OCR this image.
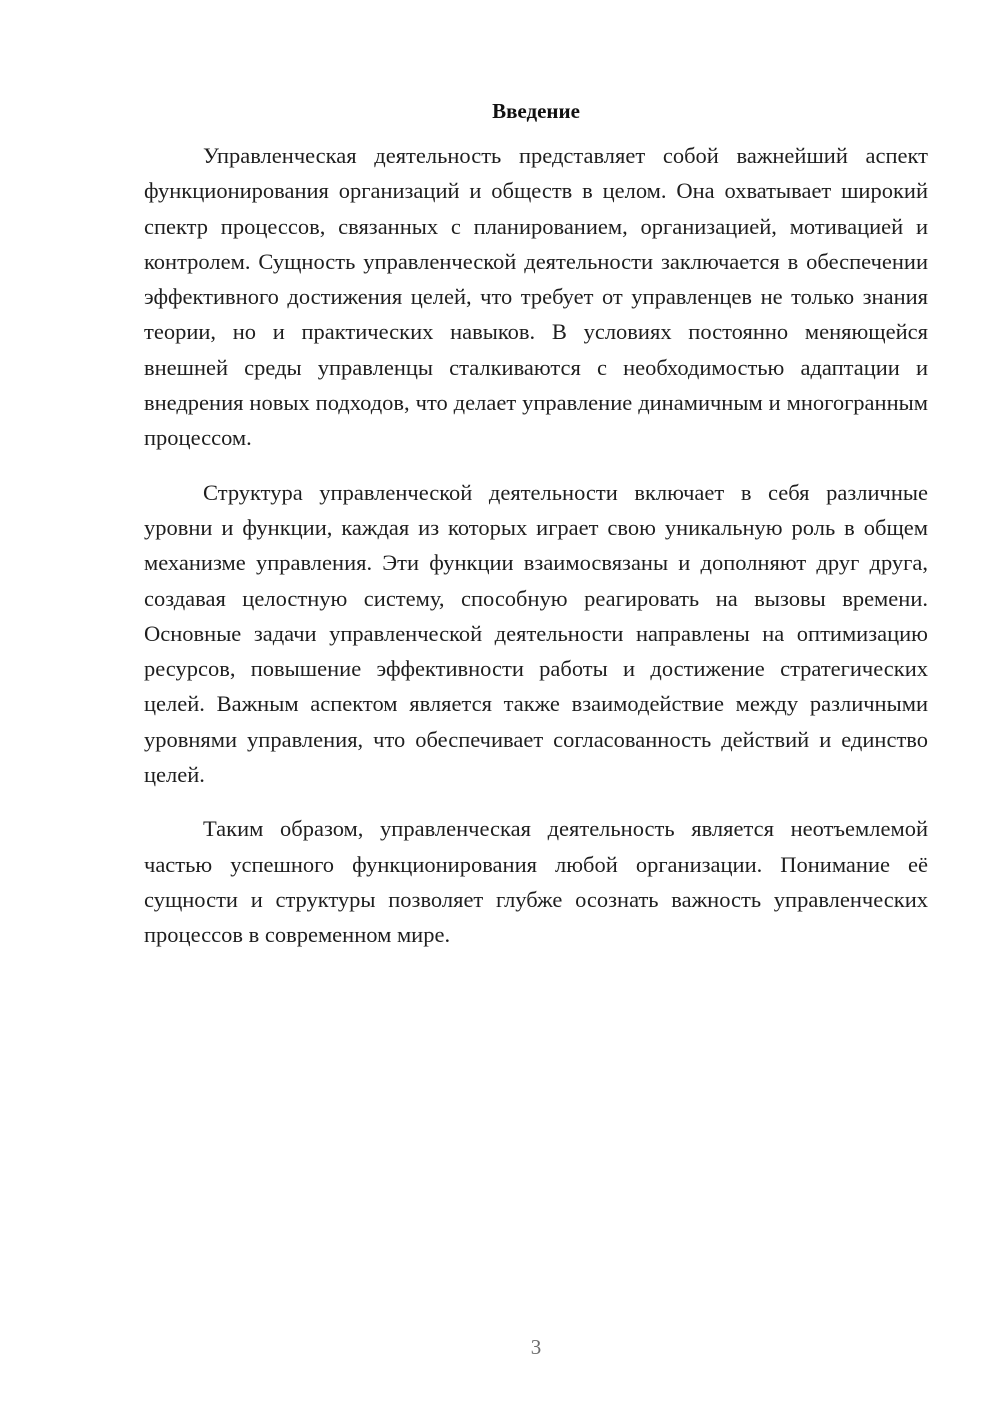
Введение

Управленческая деятельность представляет собой важнейший аспект функционирования организаций и обществ в целом. Она охватывает широкий спектр процессов, связанных с планированием, организацией, мотивацией и контролем. Сущность управленческой деятельности заключается в обеспечении эффективного достижения целей, что требует от управленцев не только знания теории, но и практических навыков. В условиях постоянно меняющейся внешней среды управленцы сталкиваются с необходимостью адаптации и внедрения новых подходов, что делает управление динамичным и многогранным процессом.

Структура управленческой деятельности включает в себя различные уровни и функции, каждая из которых играет свою уникальную роль в общем механизме управления. Эти функции взаимосвязаны и дополняют друг друга, создавая целостную систему, способную реагировать на вызовы времени. Основные задачи управленческой деятельности направлены на оптимизацию ресурсов, повышение эффективности работы и достижение стратегических целей. Важным аспектом является также взаимодействие между различными уровнями управления, что обеспечивает согласованность действий и единство целей.

Таким образом, управленческая деятельность является неотъемлемой частью успешного функционирования любой организации. Понимание её сущности и структуры позволяет глубже осознать важность управленческих процессов в современном мире.

3
